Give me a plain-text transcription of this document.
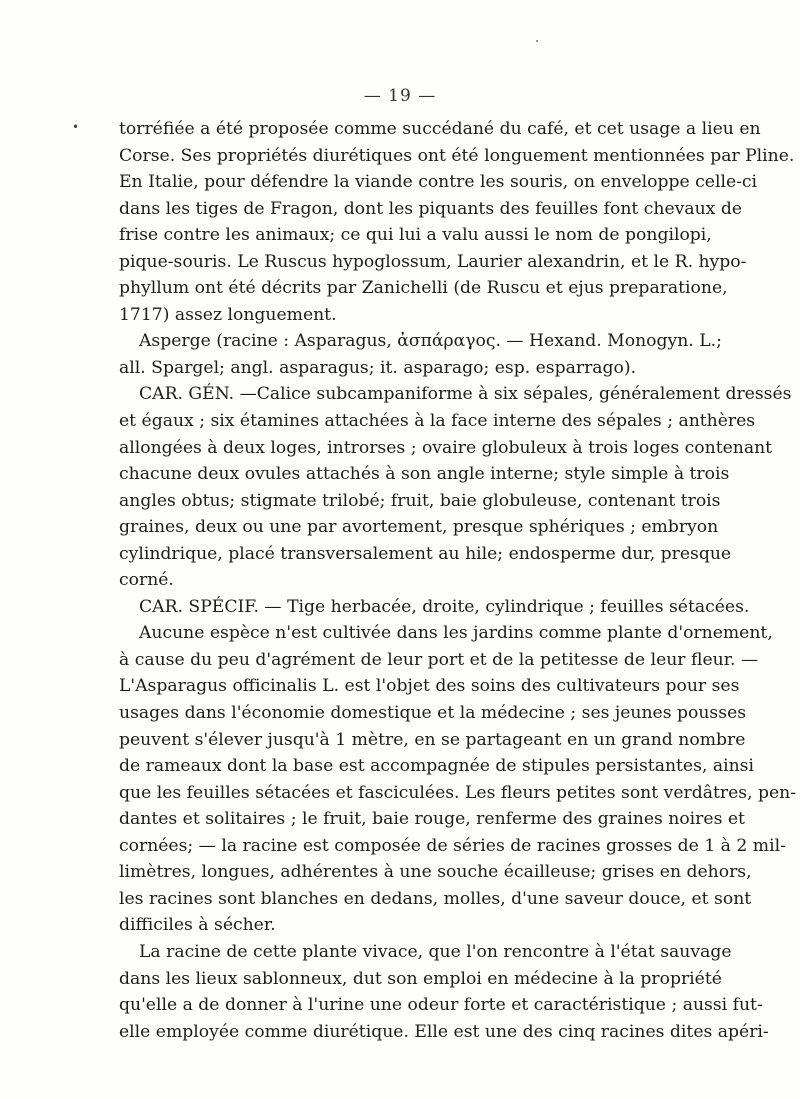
— 19 —
• torréfiée a été proposée comme succédané du café, et cet usage a lieu en
Corse. Ses propriétés diurétiques ont été longuement mentionnées par Pline.
En Italie, pour défendre la viande contre les souris, on enveloppe celle-ci
dans les tiges de Fragon, dont les piquants des feuilles font chevaux de
frise contre les animaux; ce qui lui a valu aussi le nom de pongilopi,
pique-souris. Le Ruscus hypoglossum, Laurier alexandrin, et le R. hypo-
phyllum ont été décrits par Zanichelli (de Ruscu et ejus preparatione,
1717) assez longuement.
Asperge (racine : Asparagus, ἀσπάραγος. — Hexand. Monogyn. L.;
all. Spargel; angl. asparagus; it. asparago; esp. esparrago).
CAR. GÉN. —Calice subcampaniforme à six sépales, généralement dressés
et égaux ; six étamines attachées à la face interne des sépales ; anthères
allongées à deux loges, introrses ; ovaire globuleux à trois loges contenant
chacune deux ovules attachés à son angle interne; style simple à trois
angles obtus; stigmate trilobé; fruit, baie globuleuse, contenant trois
graines, deux ou une par avortement, presque sphériques ; embryon
cylindrique, placé transversalement au hile; endosperme dur, presque
corné.
CAR. SPÉCIF. — Tige herbacée, droite, cylindrique ; feuilles sétacées.
Aucune espèce n'est cultivée dans les jardins comme plante d'ornement,
à cause du peu d'agrément de leur port et de la petitesse de leur fleur. —
L'Asparagus officinalis L. est l'objet des soins des cultivateurs pour ses
usages dans l'économie domestique et la médecine ; ses jeunes pousses
peuvent s'élever jusqu'à 1 mètre, en se partageant en un grand nombre
de rameaux dont la base est accompagnée de stipules persistantes, ainsi
que les feuilles sétacées et fasciculées. Les fleurs petites sont verdâtres, pen-
dantes et solitaires ; le fruit, baie rouge, renferme des graines noires et
cornées; — la racine est composée de séries de racines grosses de 1 à 2 mil-
limètres, longues, adhérentes à une souche écailleuse; grises en dehors,
les racines sont blanches en dedans, molles, d'une saveur douce, et sont
difficiles à sécher.
La racine de cette plante vivace, que l'on rencontre à l'état sauvage
dans les lieux sablonneux, dut son emploi en médecine à la propriété
qu'elle a de donner à l'urine une odeur forte et caractéristique ; aussi fut-
elle employée comme diurétique. Elle est une des cinq racines dites apéri-
